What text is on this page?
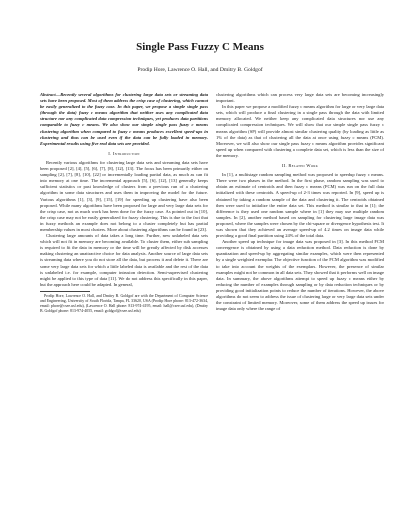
Single Pass Fuzzy C Means
Prodip Hore, Lawrence O. Hall, and Dmitry B. Goldgof

Abstract—Recently several algorithms for clustering large data sets or streaming data sets have been proposed. Most of them address the crisp case of clustering, which cannot be easily generalized to the fuzzy case. In this paper, we propose a simple single pass (through the data) fuzzy c means algorithm that neither uses any complicated data structure nor any complicated data compression techniques, yet produces data partitions comparable to fuzzy c means. We also show our simple single pass fuzzy c means clustering algorithm when compared to fuzzy c means produces excellent speed-ups in clustering and thus can be used even if the data can be fully loaded in memory. Experimental results using five real data sets are provided.

I. Introduction

Recently various algorithms for clustering large data sets and streaming data sets have been proposed [2], [4], [5], [6], [7], [8], [12], [13]. The focus has been primarily either on sampling [2], [7], [8], [10], [22] or incrementally loading partial data, as much as can fit into memory at one time. The incremental approach [5], [6], [12], [13] generally keeps sufficient statistics or past knowledge of clusters from a previous run of a clustering algorithm in some data structures and uses them in improving the model for the future. Various algorithms [1], [3], [9], [15], [19] for speeding up clustering have also been proposed. While many algorithms have been proposed for large and very large data sets for the crisp case, not as much work has been done for the fuzzy case. As pointed out in [10], the crisp case may not be easily generalized for fuzzy clustering. This is due to the fact that in fuzzy methods an example does not belong to a cluster completely but has partial membership values in most clusters. More about clustering algorithms can be found in [23].

Clustering large amounts of data takes a long time. Further, new unlabeled data sets which will not fit in memory are becoming available. To cluster them, either sub sampling is required to fit the data in memory or the time will be greatly affected by disk accesses making clustering an unattractive choice for data analysis. Another source of large data sets is streaming data where you do not store all the data, but process it and delete it. There are some very large data sets for which a little labeled data is available and the rest of the data is unlabeled i.e. for example, computer intrusion detection. Semi-supervised clustering might be applied to this type of data [11]. We do not address this specifically in this paper, but the approach here could be adapted. In general,

Prodip Hore, Lawrence O. Hall, and Dmitry B. Goldgof are with the Department of Computer Science and Engineering, University of South Florida, Tampa, FL 33620, USA (Prodip Hore phone: 813-472-3634, email: phore@csee.usf.edu), (Lawrence O. Hall phone: 813-974-4195, email: hall@csee.usf.edu), (Dmitry B. Goldgof phone: 813-974-4055, email: goldgof@csee.usf.edu)

clustering algorithms which can process very large data sets are becoming increasingly important.

In this paper we propose a modified fuzzy c means algorithm for large or very large data sets, which will produce a final clustering in a single pass through the data with limited memory allocated. We neither keep any complicated data structures nor use any complicated compression techniques. We will show that our simple single pass fuzzy c means algorithm (SP) will provide almost similar clustering quality (by loading as little as 1% of the data) as that of clustering all the data at once using fuzzy c means (FCM). Moreover, we will also show our single pass fuzzy c means algorithm provides significant speed up when compared with clustering a complete data set, which is less than the size of the memory.

II. Related Work

In [1], a multistage random sampling method was proposed to speedup fuzzy c means. There were two phases in the method. In the first phase, random sampling was used to obtain an estimate of centroids and then fuzzy c means (FCM) was run on the full data initialized with these centroids. A speed-up of 2-3 times was reported. In [9], speed up is obtained by taking a random sample of the data and clustering it. The centroids obtained then were used to initialize the entire data set. This method is similar to that in [1]; the difference is they used one random sample where in [1] they may use multiple random samples. In [2], another method based on sampling for clustering large image data was proposed, where the samples were chosen by the chi-square or divergence hypothesis test. It was shown that they achieved an average speed-up of 4.2 times on image data while providing a good final partition using 24% of the total data.

Another speed up technique for image data was proposed in [3]. In this method FCM convergence is obtained by using a data reduction method. Data reduction is done by quantization and speed-up by aggregating similar examples, which were then represented by a single weighted exemplar. The objective function of the FCM algorithm was modified to take into account the weights of the exemplars. However, the presence of similar examples might not be common in all data sets. They showed that it performs well on image data. In summary, the above algorithms attempt to speed up fuzzy c means either by reducing the number of examples through sampling or by data reduction techniques or by providing good initialization points to reduce the number of iterations. However, the above algorithms do not seem to address the issue of clustering large or very large data sets under the constraint of limited memory. Moreover, some of them address the speed up issues for image data only where the range of
